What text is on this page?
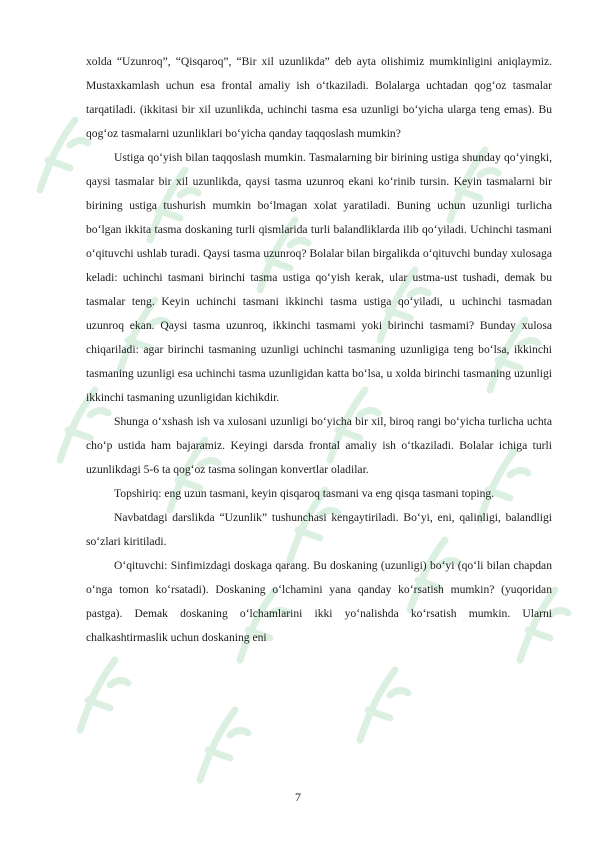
xolda “Uzunroq”, “Qisqaroq”, “Bir xil uzunlikda” deb ayta olishimiz mumkinligini aniqlaymiz. Mustaxkamlash uchun esa frontal amaliy ish oʻtkaziladi. Bolalarga uchtadan qogʻoz tasmalar tarqatiladi. (ikkitasi bir xil uzunlikda, uchinchi tasma esa uzunligi boʻyicha ularga teng emas). Bu qogʻoz tasmalarni uzunliklari boʻyicha qanday taqqoslash mumkin?

Ustiga qoʻyish bilan taqqoslash mumkin. Tasmalarning bir birining ustiga shunday qoʻyingki, qaysi tasmalar bir xil uzunlikda, qaysi tasma uzunroq ekani koʻrinib tursin. Keyin tasmalarni bir birining ustiga tushurish mumkin boʻlmagan xolat yaratiladi. Buning uchun uzunligi turlicha boʻlgan ikkita tasma doskaning turli qismlarida turli balandliklarda ilib qoʻyiladi. Uchinchi tasmani oʻqituvchi ushlab turadi. Qaysi tasma uzunroq? Bolalar bilan birgalikda oʻqituvchi bunday xulosaga keladi: uchinchi tasmani birinchi tasma ustiga qoʻyish kerak, ular ustma-ust tushadi, demak bu tasmalar teng. Keyin uchinchi tasmani ikkinchi tasma ustiga qoʻyiladi, u uchinchi tasmadan uzunroq ekan. Qaysi tasma uzunroq, ikkinchi tasmami yoki birinchi tasmami? Bunday xulosa chiqariladi: agar birinchi tasmaning uzunligi uchinchi tasmaning uzunligiga teng boʻlsa, ikkinchi tasmaning uzunligi esa uchinchi tasma uzunligidan katta boʻlsa, u xolda birinchi tasmaning uzunligi ikkinchi tasmaning uzunligidan kichikdir.

Shunga oʻxshash ish va xulosani uzunligi boʻyicha bir xil, biroq rangi boʻyicha turlicha uchta choʻp ustida ham bajaramiz. Keyingi darsda frontal amaliy ish oʻtkaziladi. Bolalar ichiga turli uzunlikdagi 5-6 ta qogʻoz tasma solingan konvertlar oladilar.

Topshiriq: eng uzun tasmani, keyin qisqaroq tasmani va eng qisqa tasmani toping.

Navbatdagi darslikda “Uzunlik” tushunchasi kengaytiriladi. Boʻyi, eni, qalinligi, balandligi soʻzlari kiritiladi.

Oʻqituvchi: Sinfimizdagi doskaga qarang. Bu doskaning (uzunligi) boʻyi (qoʻli bilan chapdan oʻnga tomon koʻrsatadi). Doskaning oʻlchamini yana qanday koʻrsatish mumkin? (yuqoridan pastga). Demak doskaning oʻlchamlarini ikki yoʻnalishda koʻrsatish mumkin. Ularni chalkashtirmaslik uchun doskaning eni

7
